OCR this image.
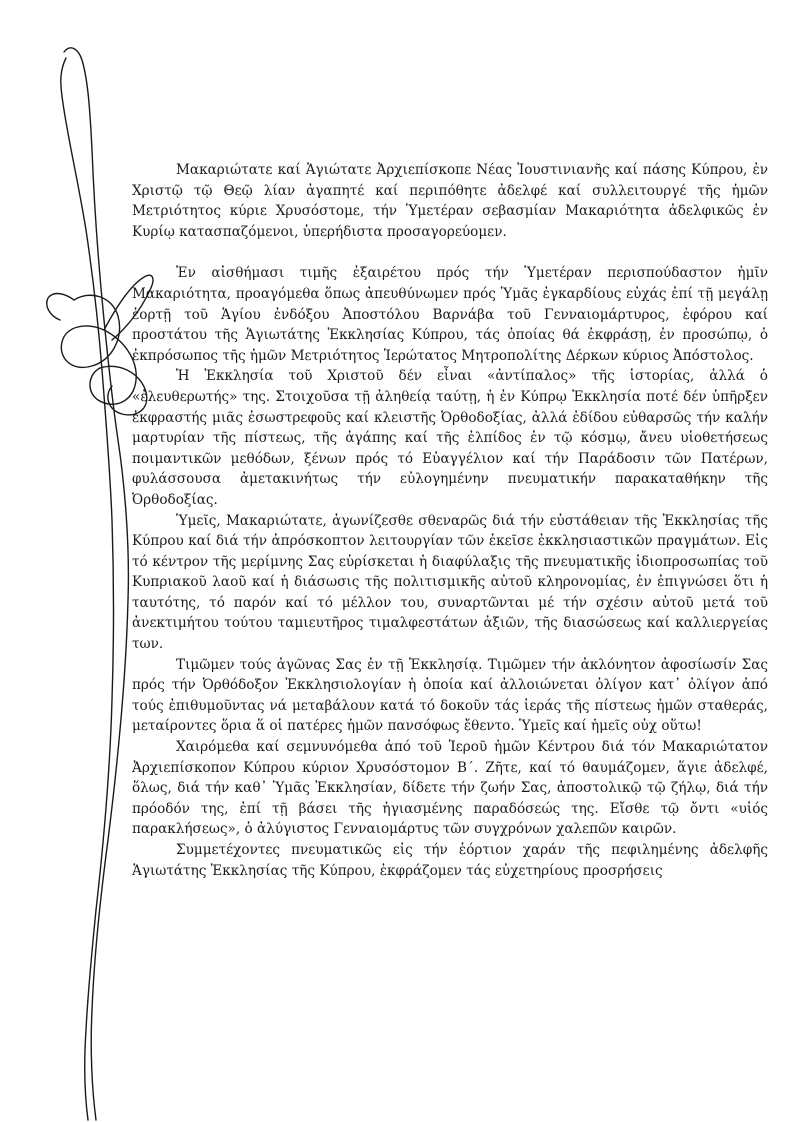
Μακαριώτατε καί Ἁγιώτατε Ἀρχιεπίσκοπε Νέας Ἰουστινιανῆς καί πάσης Κύπρου, ἐν Χριστῷ τῷ Θεῷ λίαν ἀγαπητέ καί περιπόθητε ἀδελφέ καί συλλειτουργέ τῆς ἡμῶν Μετριότητος κύριε Χρυσόστομε, τήν Ὑμετέραν σεβασμίαν Μακαριότητα ἀδελφικῶς ἐν Κυρίῳ κατασπαζόμενοι, ὑπερήδιστα προσαγορεύομεν.

Ἐν αἰσθήμασι τιμῆς ἐξαιρέτου πρός τήν Ὑμετέραν περισπούδαστον ἡμῖν Μακαριότητα, προαγόμεθα ὅπως ἀπευθύνωμεν πρός Ὑμᾶς ἐγκαρδίους εὐχάς ἐπί τῇ μεγάλῃ ἑορτῇ τοῦ Ἁγίου ἐνδόξου Ἀποστόλου Βαρνάβα τοῦ Γενναιομάρτυρος, ἐφόρου καί προστάτου τῆς Ἁγιωτάτης Ἐκκλησίας Κύπρου, τάς ὁποίας θά ἐκφράσῃ, ἐν προσώπῳ, ὁ ἐκπρόσωπος τῆς ἡμῶν Μετριότητος Ἱερώτατος Μητροπολίτης Δέρκων κύριος Ἀπόστολος.

Ἡ Ἐκκλησία τοῦ Χριστοῦ δέν εἶναι «ἀντίπαλος» τῆς ἱστορίας, ἀλλά ὁ «ἐλευθερωτής» της. Στοιχοῦσα τῇ ἀληθείᾳ ταύτῃ, ἡ ἐν Κύπρῳ Ἐκκλησία ποτέ δέν ὑπῆρξεν ἐκφραστής μιᾶς ἐσωστρεφοῦς καί κλειστῆς Ὀρθοδοξίας, ἀλλά ἐδίδου εὐθαρσῶς τήν καλήν μαρτυρίαν τῆς πίστεως, τῆς ἀγάπης καί τῆς ἐλπίδος ἐν τῷ κόσμῳ, ἄνευ υἱοθετήσεως ποιμαντικῶν μεθόδων, ξένων πρός τό Εὐαγγέλιον καί τήν Παράδοσιν τῶν Πατέρων, φυλάσσουσα ἀμετακινήτως τήν εὐλογημένην πνευματικήν παρακαταθήκην τῆς Ὀρθοδοξίας.

Ὑμεῖς, Μακαριώτατε, ἀγωνίζεσθε σθεναρῶς διά τήν εὐστάθειαν τῆς Ἐκκλησίας τῆς Κύπρου καί διά τήν ἀπρόσκοπτον λειτουργίαν τῶν ἐκεῖσε ἐκκλησιαστικῶν πραγμάτων. Εἰς τό κέντρον τῆς μερίμνης Σας εὑρίσκεται ἡ διαφύλαξις τῆς πνευματικῆς ἰδιοπροσωπίας τοῦ Κυπριακοῦ λαοῦ καί ἡ διάσωσις τῆς πολιτισμικῆς αὐτοῦ κληρονομίας, ἐν ἐπιγνώσει ὅτι ἡ ταυτότης, τό παρόν καί τό μέλλον του, συναρτῶνται μέ τήν σχέσιν αὐτοῦ μετά τοῦ ἀνεκτιμήτου τούτου ταμιευτῆρος τιμαλφεστάτων ἀξιῶν, τῆς διασώσεως καί καλλιεργείας των.

Τιμῶμεν τούς ἀγῶνας Σας ἐν τῇ Ἐκκλησίᾳ. Τιμῶμεν τήν ἀκλόνητον ἀφοσίωσίν Σας πρός τήν Ὀρθόδοξον Ἐκκλησιολογίαν ἡ ὁποία καί ἀλλοιώνεται ὀλίγον κατ᾽ ὀλίγον ἀπό τούς ἐπιθυμοῦντας νά μεταβάλουν κατά τό δοκοῦν τάς ἱεράς τῆς πίστεως ἡμῶν σταθεράς, μεταίροντες ὅρια ἅ οἱ πατέρες ἡμῶν πανσόφως ἔθεντο. Ὑμεῖς καί ἡμεῖς οὐχ οὕτω!

Χαιρόμεθα καί σεμνυνόμεθα ἀπό τοῦ Ἱεροῦ ἡμῶν Κέντρου διά τόν Μακαριώτατον Ἀρχιεπίσκοπον Κύπρου κύριον Χρυσόστομον Β΄. Ζῆτε, καί τό θαυμάζομεν, ἅγιε ἀδελφέ, ὅλως, διά τήν καθ᾽ Ὑμᾶς Ἐκκλησίαν, δίδετε τήν ζωήν Σας, ἀποστολικῷ τῷ ζήλῳ, διά τήν πρόοδόν της, ἐπί τῇ βάσει τῆς ἡγιασμένης παραδόσεώς της. Εἴσθε τῷ ὄντι «υἱός παρακλήσεως», ὁ ἀλύγιστος Γενναιομάρτυς τῶν συγχρόνων χαλεπῶν καιρῶν.

Συμμετέχοντες πνευματικῶς εἰς τήν ἑόρτιον χαράν τῆς πεφιλημένης ἀδελφῆς Ἁγιωτάτης Ἐκκλησίας τῆς Κύπρου, ἐκφράζομεν τάς εὐχετηρίους προσρήσεις
